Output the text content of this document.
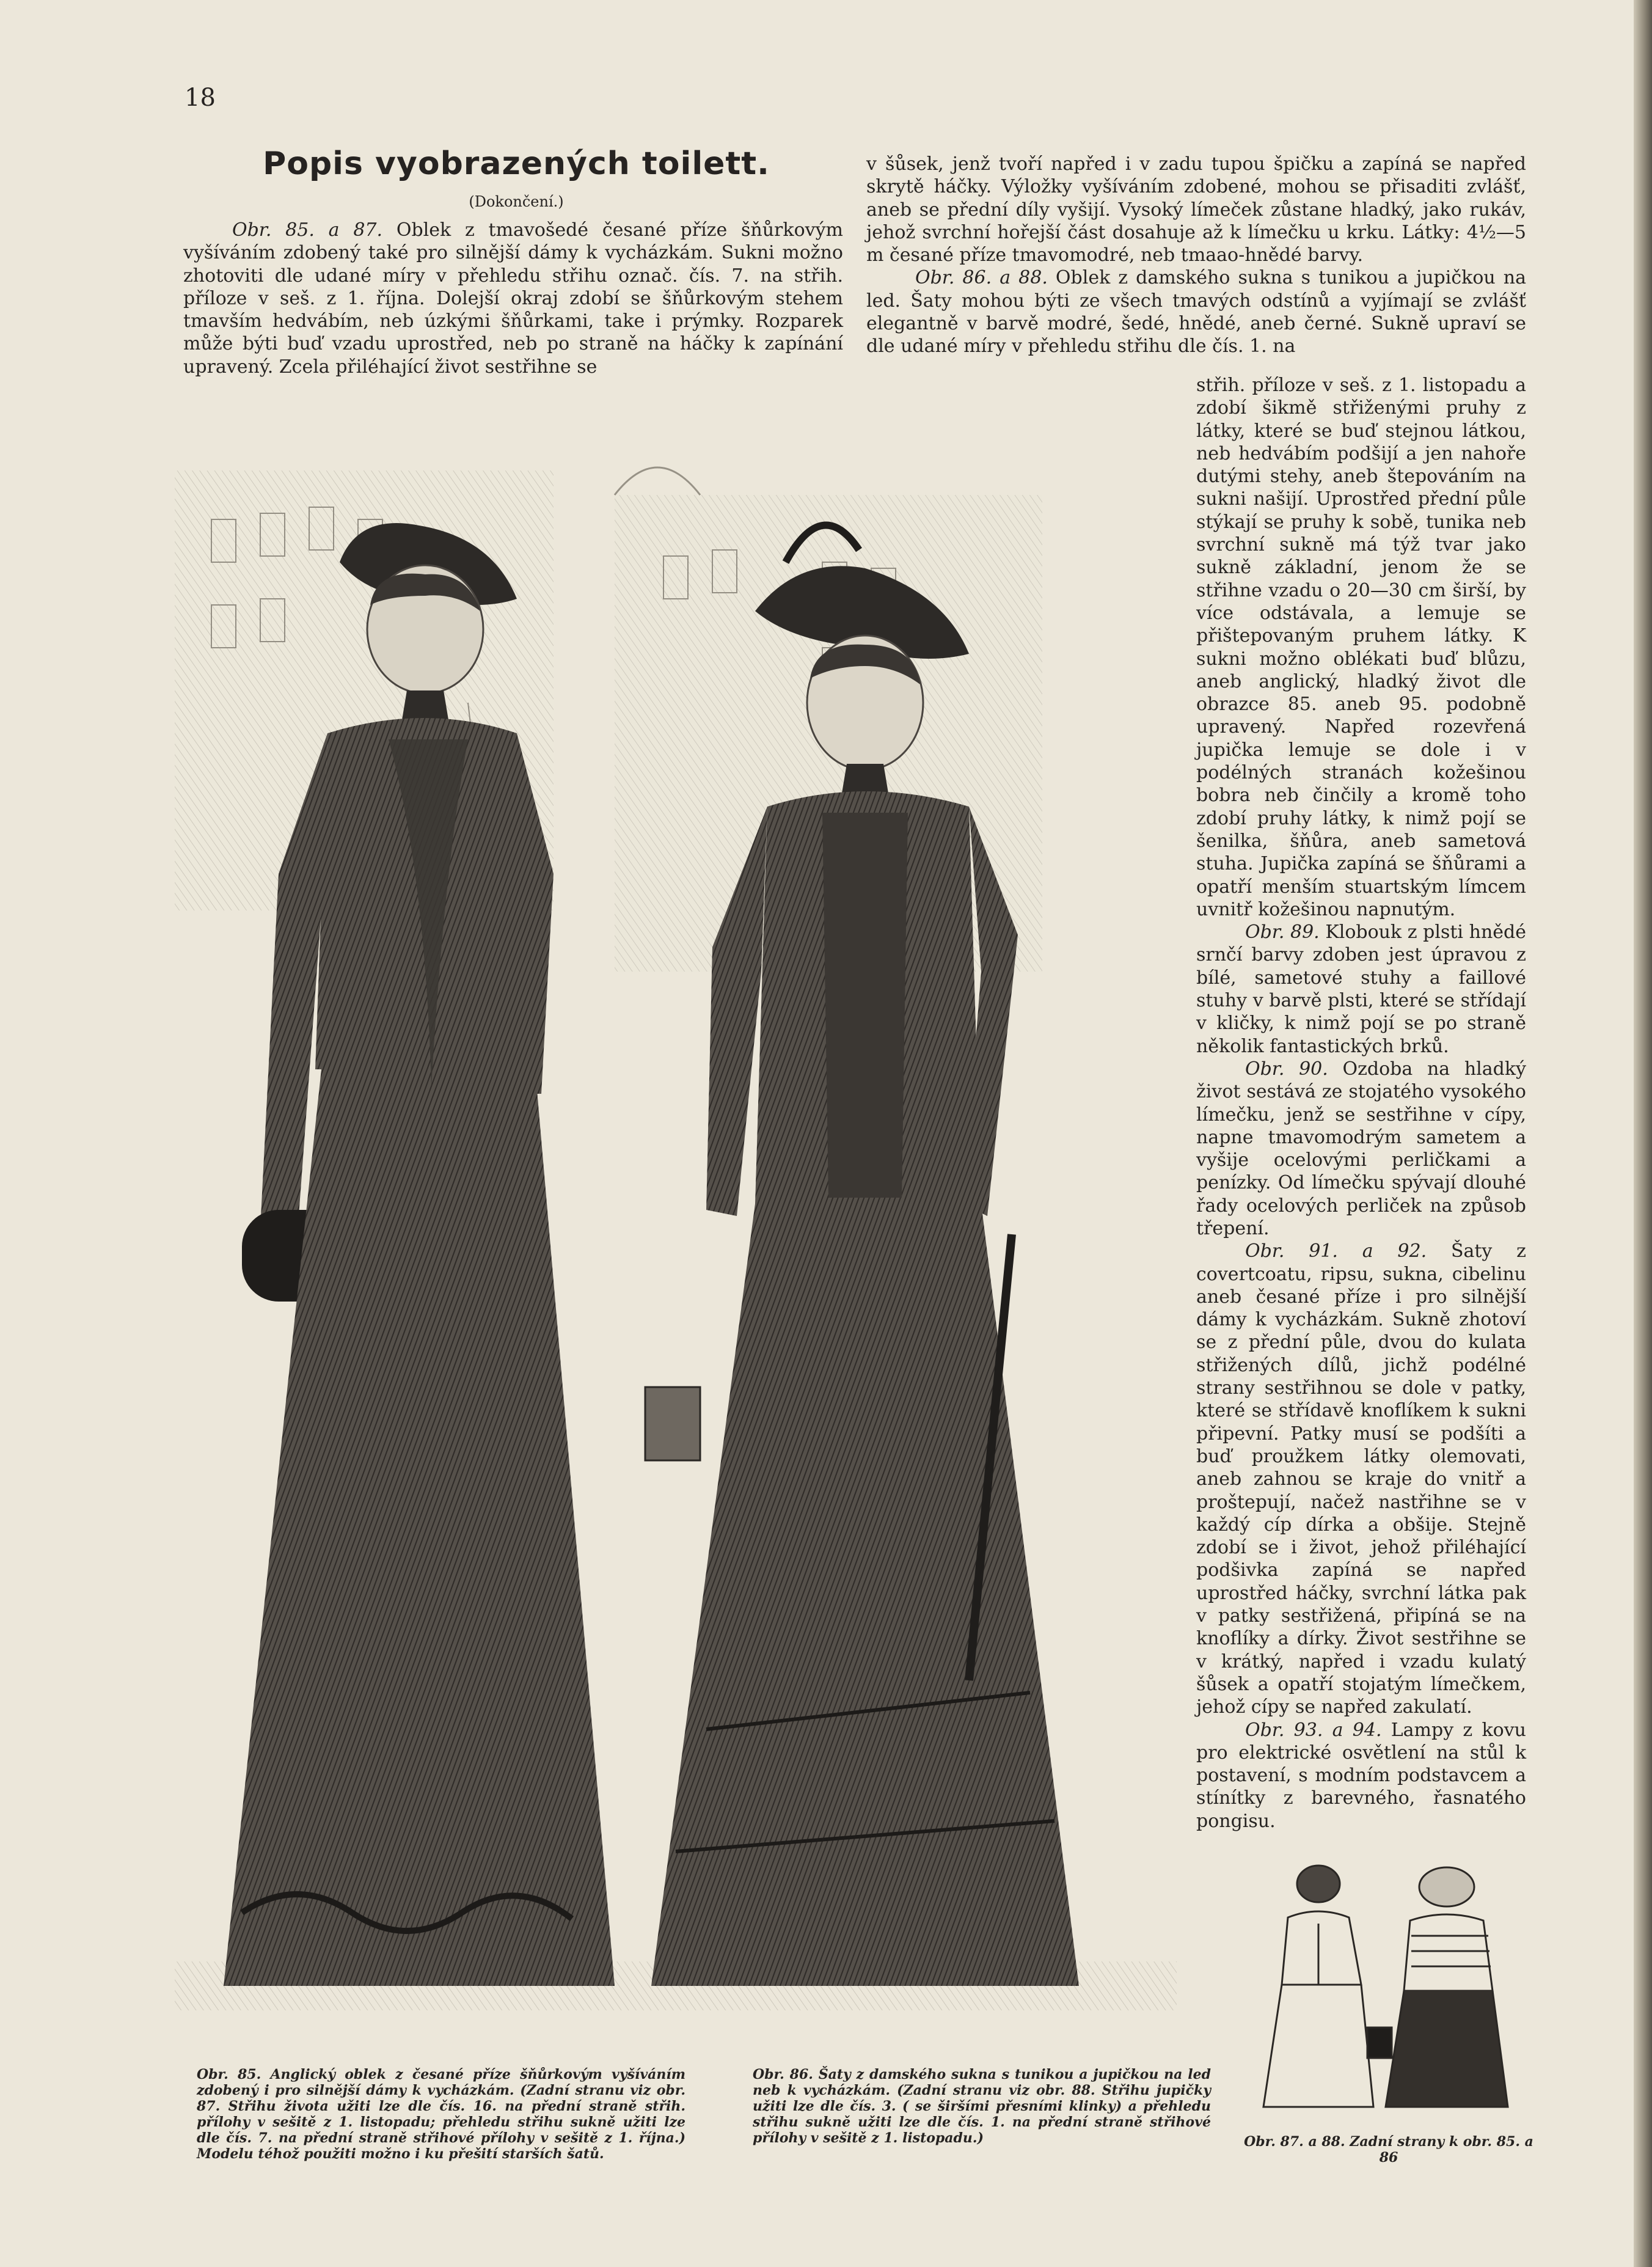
18
Popis vyobrazených toilett.
(Dokončení.)

Obr. 85. a 87. Oblek z tmavošedé česané příze šňůrkovým vyšíváním zdobený také pro silnější dámy k vycházkám. Sukni možno zhotoviti dle udané míry v přehledu střihu označ. čís. 7. na střih. příloze v seš. z 1. října. Dolejší okraj zdobí se šňůrkovým stehem tmavším hedvábím, neb úzkými šňůrkami, take i prýmky. Rozparek může býti buď vzadu uprostřed, neb po straně na háčky k zapínání upravený. Zcela přiléhající život sestřihne se

v šůsek, jenž tvoří napřed i v zadu tupou špičku a zapíná se napřed skrytě háčky. Výložky vyšíváním zdobené, mohou se přisaditi zvlášť, aneb se přední díly vyšijí. Vysoký límeček zůstane hladký, jako rukáv, jehož svrchní hořejší část dosahuje až k límečku u krku. Látky: 4½—5 m česané příze tmavomodré, neb tmaao-hnědé barvy.

Obr. 86. a 88. Oblek z damského sukna s tunikou a jupičkou na led. Šaty mohou býti ze všech tmavých odstínů a vyjímají se zvlášť elegantně v barvě modré, šedé, hnědé, aneb černé. Sukně upraví se dle udané míry v přehledu střihu dle čís. 1. na

střih. příloze v seš. z 1. listopadu a zdobí šikmě střiženými pruhy z látky, které se buď stejnou látkou, neb hedvábím podšijí a jen nahoře dutými stehy, aneb štepováním na sukni našijí. Uprostřed přední půle stýkají se pruhy k sobě, tunika neb svrchní sukně má týž tvar jako sukně základní, jenom že se střihne vzadu o 20—30 cm širší, by více odstávala, a lemuje se přištepovaným pruhem látky. K sukni možno oblékati buď blůzu, aneb anglický, hladký život dle obrazce 85. aneb 95. podobně upravený. Napřed rozevřená jupička lemuje se dole i v podélných stranách kožešinou bobra neb činčily a kromě toho zdobí pruhy látky, k nimž pojí se šenilka, šňůra, aneb sametová stuha. Jupička zapíná se šňůrami a opatří menším stuartským límcem uvnitř kožešinou napnutým.

Obr. 89. Klobouk z plsti hnědé srnčí barvy zdoben jest úpravou z bílé, sametové stuhy a faillové stuhy v barvě plsti, které se střídají v kličky, k nimž pojí se po straně několik fantastických brků.

Obr. 90. Ozdoba na hladký život sestává ze stojatého vysokého límečku, jenž se sestřihne v cípy, napne tmavomodrým sametem a vyšije ocelovými perličkami a penízky. Od límečku spývají dlouhé řady ocelových perliček na způsob třepení.

Obr. 91. a 92. Šaty z covertcoatu, ripsu, sukna, cibelinu aneb česané příze i pro silnější dámy k vycházkám. Sukně zhotoví se z přední půle, dvou do kulata střižených dílů, jichž podélné strany sestřihnou se dole v patky, které se střídavě knoflíkem k sukni připevní. Patky musí se podšíti a buď proužkem látky olemovati, aneb zahnou se kraje do vnitř a proštepují, načež nastřihne se v každý cíp dírka a obšije. Stejně zdobí se i život, jehož přiléhající podšivka zapíná se napřed uprostřed háčky, svrchní látka pak v patky sestřižená, připíná se na knoflíky a dírky. Život sestřihne se v krátký, napřed i vzadu kulatý šůsek a opatří stojatým límečkem, jehož cípy se napřed zakulatí.

Obr. 93. a 94. Lampy z kovu pro elektrické osvětlení na stůl k postavení, s modním podstavcem a stínítky z barevného, řasnatého pongisu.

Obr. 85. Anglický oblek z česané příze šňůrkovým vyšíváním zdobený i pro silnější dámy k vycházkám. (Zadní stranu viz obr. 87. Střihu života užiti lze dle čís. 16. na přední straně střih. přílohy v sešitě z 1. listopadu; přehledu střihu sukně užiti lze dle čís. 7. na přední straně střihové přílohy v sešitě z 1. října.) Modelu téhož použiti možno i ku přešití starších šatů.

Obr. 86. Šaty z damského sukna s tunikou a jupičkou na led neb k vycházkám. (Zadní stranu viz obr. 88. Střihu jupičky užiti lze dle čís. 3. ( se širšími přesními klinky) a přehledu střihu sukně užiti lze dle čís. 1. na přední straně střihové přílohy v sešitě z 1. listopadu.)	Obr. 87. a 88. Zadní strany k obr. 85. a 86
